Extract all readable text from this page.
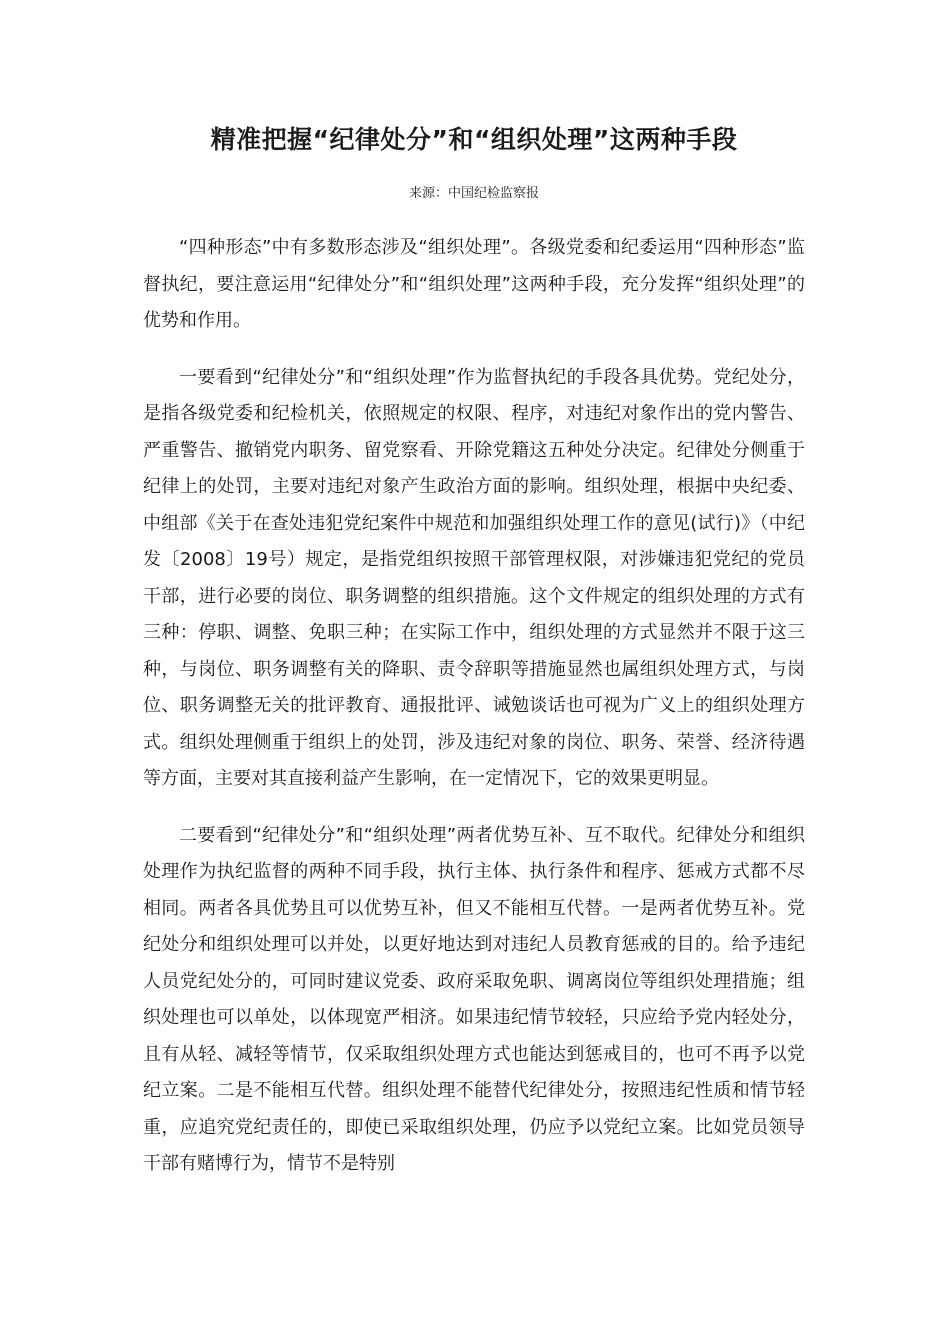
精准把握“纪律处分”和“组织处理”这两种手段
来源：中国纪检监察报

“四种形态”中有多数形态涉及“组织处理”。各级党委和纪委运用“四种形态”监督执纪，要注意运用“纪律处分”和“组织处理”这两种手段，充分发挥“组织处理”的优势和作用。

一要看到“纪律处分”和“组织处理”作为监督执纪的手段各具优势。党纪处分，是指各级党委和纪检机关，依照规定的权限、程序，对违纪对象作出的党内警告、严重警告、撤销党内职务、留党察看、开除党籍这五种处分决定。纪律处分侧重于纪律上的处罚，主要对违纪对象产生政治方面的影响。组织处理，根据中央纪委、中组部《关于在查处违犯党纪案件中规范和加强组织处理工作的意见(试行)》（中纪发〔2008〕19号）规定，是指党组织按照干部管理权限，对涉嫌违犯党纪的党员干部，进行必要的岗位、职务调整的组织措施。这个文件规定的组织处理的方式有三种：停职、调整、免职三种；在实际工作中，组织处理的方式显然并不限于这三种，与岗位、职务调整有关的降职、责令辞职等措施显然也属组织处理方式，与岗位、职务调整无关的批评教育、通报批评、诫勉谈话也可视为广义上的组织处理方式。组织处理侧重于组织上的处罚，涉及违纪对象的岗位、职务、荣誉、经济待遇等方面，主要对其直接利益产生影响，在一定情况下，它的效果更明显。

二要看到“纪律处分”和“组织处理”两者优势互补、互不取代。纪律处分和组织处理作为执纪监督的两种不同手段，执行主体、执行条件和程序、惩戒方式都不尽相同。两者各具优势且可以优势互补，但又不能相互代替。一是两者优势互补。党纪处分和组织处理可以并处，以更好地达到对违纪人员教育惩戒的目的。给予违纪人员党纪处分的，可同时建议党委、政府采取免职、调离岗位等组织处理措施；组织处理也可以单处，以体现宽严相济。如果违纪情节较轻，只应给予党内轻处分，且有从轻、减轻等情节，仅采取组织处理方式也能达到惩戒目的，也可不再予以党纪立案。二是不能相互代替。组织处理不能替代纪律处分，按照违纪性质和情节轻重，应追究党纪责任的，即使已采取组织处理，仍应予以党纪立案。比如党员领导干部有赌博行为，情节不是特别
